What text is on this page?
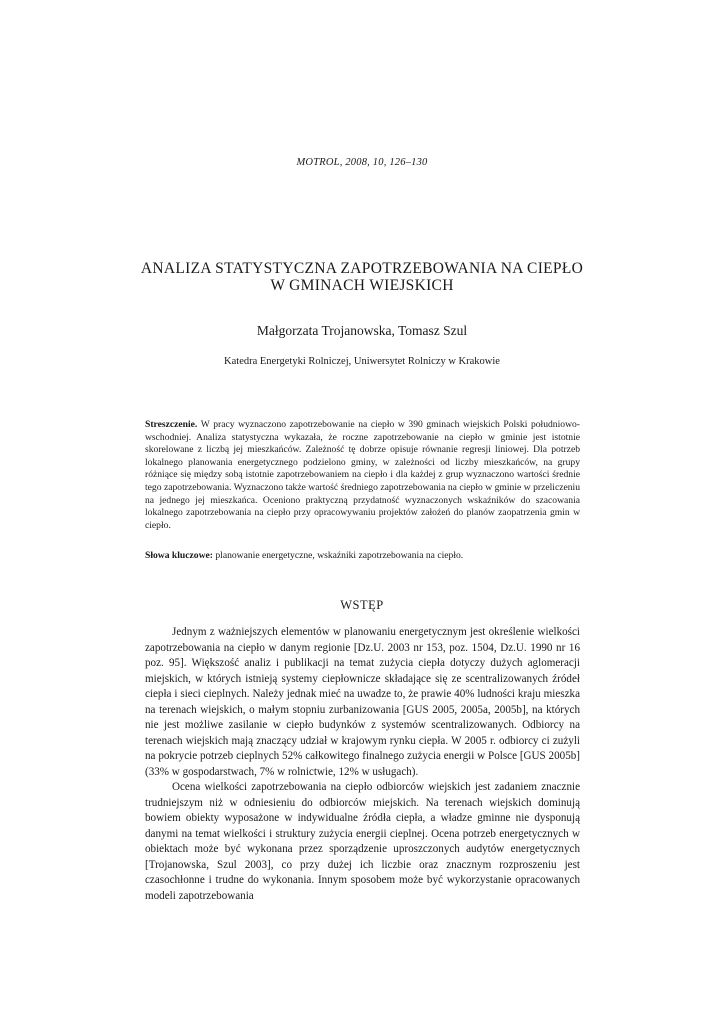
MOTROL, 2008, 10, 126–130
ANALIZA STATYSTYCZNA ZAPOTRZEBOWANIA NA CIEPŁO
W GMINACH WIEJSKICH
Małgorzata Trojanowska, Tomasz Szul
Katedra Energetyki Rolniczej, Uniwersytet Rolniczy w Krakowie
Streszczenie. W pracy wyznaczono zapotrzebowanie na ciepło w 390 gminach wiejskich Polski południowo-wschodniej. Analiza statystyczna wykazała, że roczne zapotrzebowanie na ciepło w gminie jest istotnie skorelowane z liczbą jej mieszkańców. Zależność tę dobrze opisuje równanie regresji liniowej. Dla potrzeb lokalnego planowania energetycznego podzielono gminy, w zależności od liczby mieszkańców, na grupy różniące się między sobą istotnie zapotrzebowaniem na ciepło i dla każdej z grup wyznaczono wartości średnie tego zapotrzebowania. Wyznaczono także wartość średniego zapotrzebowania na ciepło w gminie w przeliczeniu na jednego jej mieszkańca. Oceniono praktyczną przydatność wyznaczonych wskaźników do szacowania lokalnego zapotrzebowania na ciepło przy opracowywaniu projektów założeń do planów zaopatrzenia gmin w ciepło.
Słowa kluczowe: planowanie energetyczne, wskaźniki zapotrzebowania na ciepło.
WSTĘP

Jednym z ważniejszych elementów w planowaniu energetycznym jest określenie wielkości zapotrzebowania na ciepło w danym regionie [Dz.U. 2003 nr 153, poz. 1504, Dz.U. 1990 nr 16 poz. 95]. Większość analiz i publikacji na temat zużycia ciepła dotyczy dużych aglomeracji miejskich, w których istnieją systemy ciepłownicze składające się ze scentralizowanych źródeł ciepła i sieci cieplnych. Należy jednak mieć na uwadze to, że prawie 40% ludności kraju mieszka na terenach wiejskich, o małym stopniu zurbanizowania [GUS 2005, 2005a, 2005b], na których nie jest możliwe zasilanie w ciepło budynków z systemów scentralizowanych. Odbiorcy na terenach wiejskich mają znaczący udział w krajowym rynku ciepła. W 2005 r. odbiorcy ci zużyli na pokrycie potrzeb cieplnych 52% całkowitego finalnego zużycia energii w Polsce [GUS 2005b] (33% w gospodarstwach, 7% w rolnictwie, 12% w usługach).

Ocena wielkości zapotrzebowania na ciepło odbiorców wiejskich jest zadaniem znacznie trudniejszym niż w odniesieniu do odbiorców miejskich. Na terenach wiejskich dominują bowiem obiekty wyposażone w indywidualne źródła ciepła, a władze gminne nie dysponują danymi na temat wielkości i struktury zużycia energii cieplnej. Ocena potrzeb energetycznych w obiektach może być wykonana przez sporządzenie uproszczonych audytów energetycznych [Trojanowska, Szul 2003], co przy dużej ich liczbie oraz znacznym rozproszeniu jest czasochłonne i trudne do wykonania. Innym sposobem może być wykorzystanie opracowanych modeli zapotrzebowania
